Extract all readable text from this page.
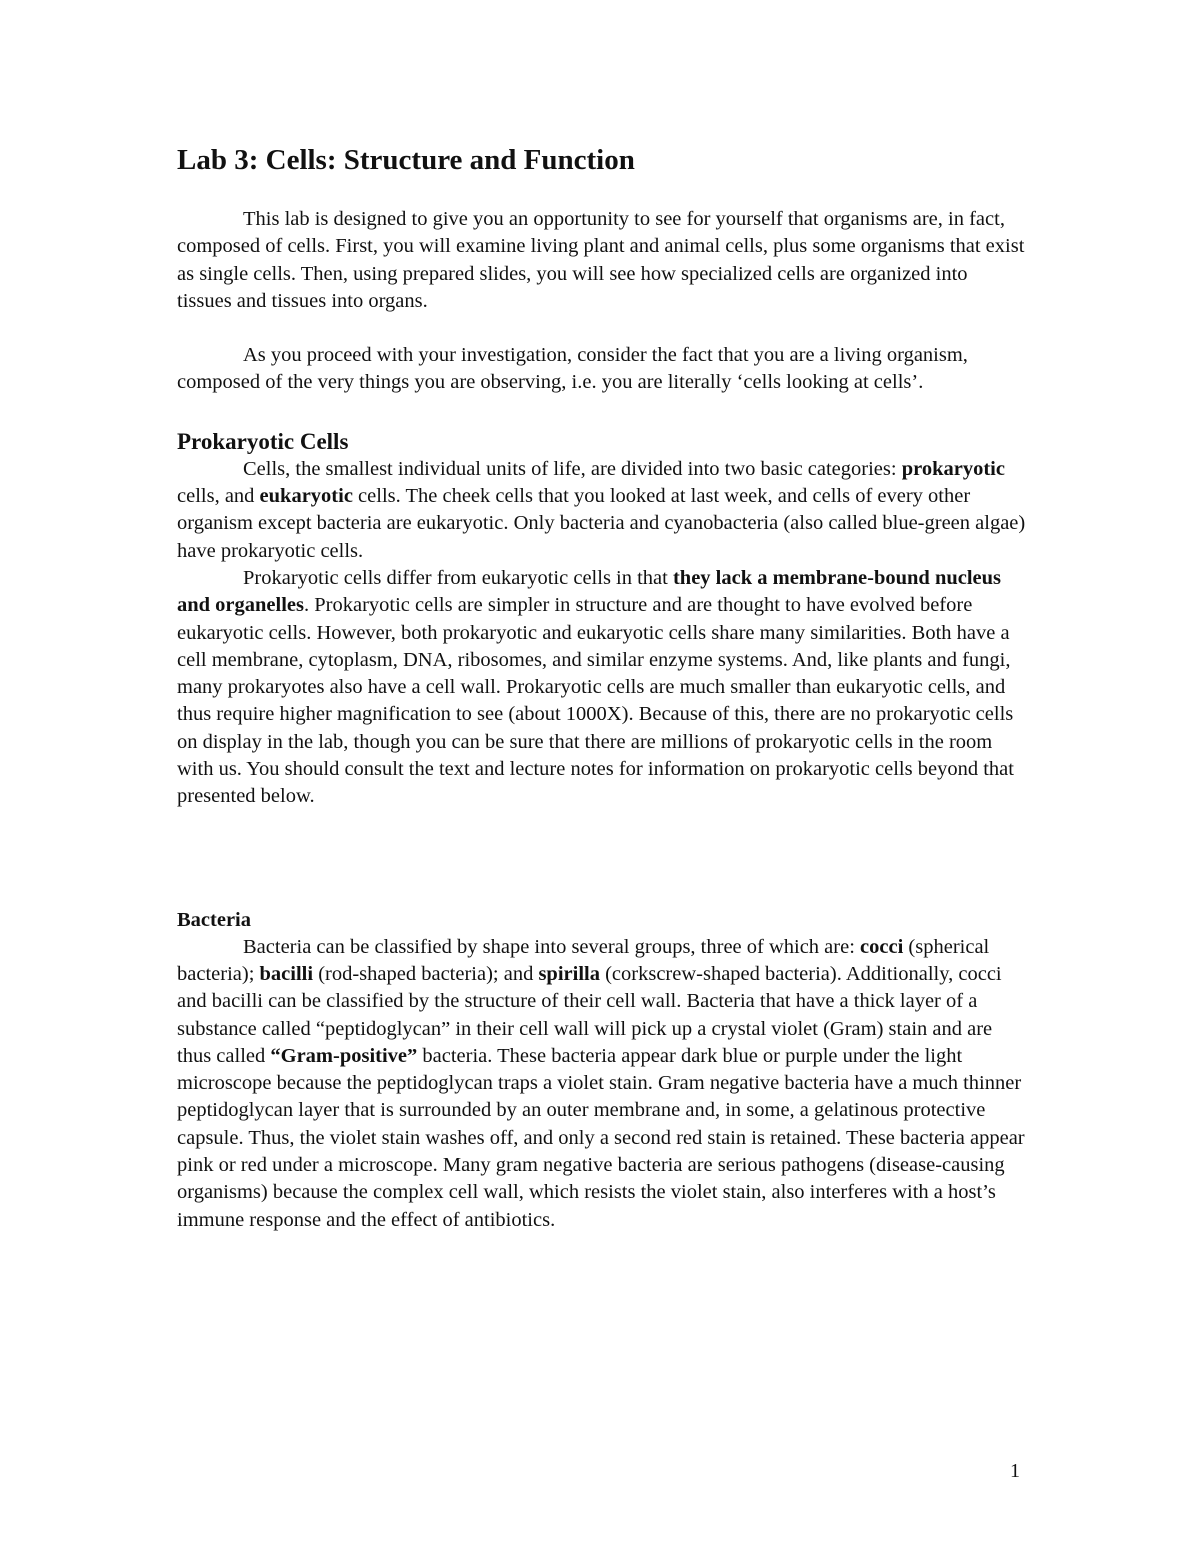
Lab 3: Cells: Structure and Function

This lab is designed to give you an opportunity to see for yourself that organisms are, in fact, composed of cells. First, you will examine living plant and animal cells, plus some organisms that exist as single cells. Then, using prepared slides, you will see how specialized cells are organized into tissues and tissues into organs.

As you proceed with your investigation, consider the fact that you are a living organism, composed of the very things you are observing, i.e. you are literally ‘cells looking at cells’.

Prokaryotic Cells

Cells, the smallest individual units of life, are divided into two basic categories: prokaryotic cells, and eukaryotic cells. The cheek cells that you looked at last week, and cells of every other organism except bacteria are eukaryotic. Only bacteria and cyanobacteria (also called blue-green algae) have prokaryotic cells.

Prokaryotic cells differ from eukaryotic cells in that they lack a membrane-bound nucleus and organelles. Prokaryotic cells are simpler in structure and are thought to have evolved before eukaryotic cells. However, both prokaryotic and eukaryotic cells share many similarities. Both have a cell membrane, cytoplasm, DNA, ribosomes, and similar enzyme systems. And, like plants and fungi, many prokaryotes also have a cell wall. Prokaryotic cells are much smaller than eukaryotic cells, and thus require higher magnification to see (about 1000X). Because of this, there are no prokaryotic cells on display in the lab, though you can be sure that there are millions of prokaryotic cells in the room with us. You should consult the text and lecture notes for information on prokaryotic cells beyond that presented below.

Bacteria

Bacteria can be classified by shape into several groups, three of which are: cocci (spherical bacteria); bacilli (rod-shaped bacteria); and spirilla (corkscrew-shaped bacteria). Additionally, cocci and bacilli can be classified by the structure of their cell wall. Bacteria that have a thick layer of a substance called “peptidoglycan” in their cell wall will pick up a crystal violet (Gram) stain and are thus called “Gram-positive” bacteria. These bacteria appear dark blue or purple under the light microscope because the peptidoglycan traps a violet stain. Gram negative bacteria have a much thinner peptidoglycan layer that is surrounded by an outer membrane and, in some, a gelatinous protective capsule. Thus, the violet stain washes off, and only a second red stain is retained. These bacteria appear pink or red under a microscope. Many gram negative bacteria are serious pathogens (disease-causing organisms) because the complex cell wall, which resists the violet stain, also interferes with a host’s immune response and the effect of antibiotics.

1
